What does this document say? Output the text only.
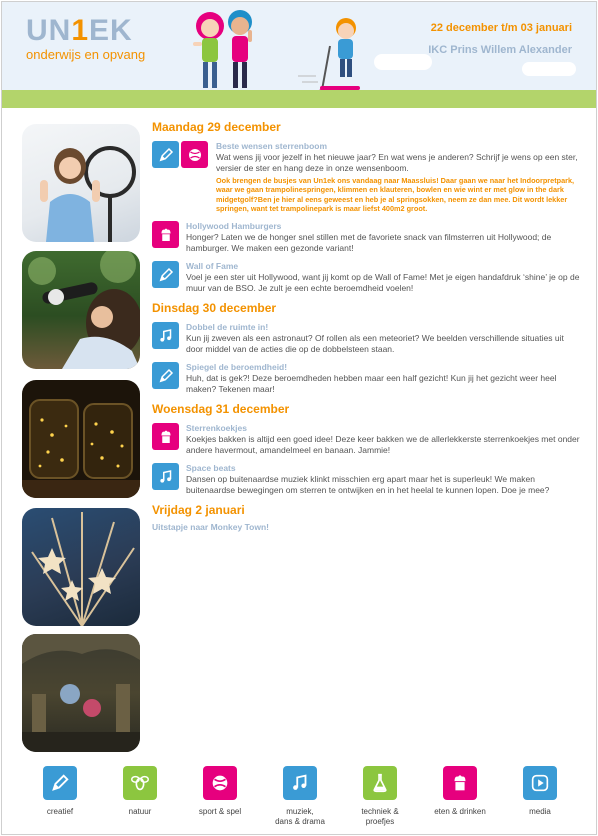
UN1EK
onderwijs en opvang
22 december t/m 03 januari
IKC Prins Willem Alexander
Maandag 29 december
Beste wensen sterrenboom
Wat wens jij voor jezelf in het nieuwe jaar? En wat wens je anderen? Schrijf je wens op een ster, versier de ster en hang deze in onze wensenboom.
Ook brengen de busjes van Un1ek ons vandaag naar Maassluis! Daar gaan we naar het Indoorpretpark, waar we gaan trampolinespringen, klimmen en klauteren, bowlen en wie wint er met glow in the dark midgetgolf?Ben je hier al eens geweest en heb je al springsokken, neem ze dan mee. Dit wordt lekker springen, want tet trampolinepark is maar liefst 400m2 groot.
Hollywood Hamburgers
Honger? Laten we de honger snel stillen met de favoriete snack van filmsterren uit Hollywood; de hamburger. We maken een gezonde variant!
Wall of Fame
Voel je een ster uit Hollywood, want jij komt op de Wall of Fame! Met je eigen handafdruk ‘shine’ je op de muur van de BSO. Je zult je een echte beroemdheid voelen!
Dinsdag 30 december
Dobbel de ruimte in!
Kun jij zweven als een astronaut? Of rollen als een meteoriet? We beelden verschillende situaties uit door middel van de acties die op de dobbelsteen staan.
Spiegel de beroemdheid!
Huh, dat is gek?! Deze beroemdheden hebben maar een half gezicht! Kun jij het gezicht weer heel maken? Tekenen maar!
Woensdag 31 december
Sterrenkoekjes
Koekjes bakken is altijd een goed idee! Deze keer bakken we de allerlekkerste sterrenkoekjes met onder andere havermout, amandelmeel en banaan. Jammie!
Space beats
Dansen op buitenaardse muziek klinkt misschien erg apart maar het is superleuk! We maken buitenaardse bewegingen om sterren te ontwijken en in het heelal te kunnen lopen. Doe je mee?
Vrijdag 2 januari
Uitstapje naar Monkey Town!
creatief	natuur	sport & spel	muziek,
dans & drama
techniek &
proefjes
eten & drinken	media
